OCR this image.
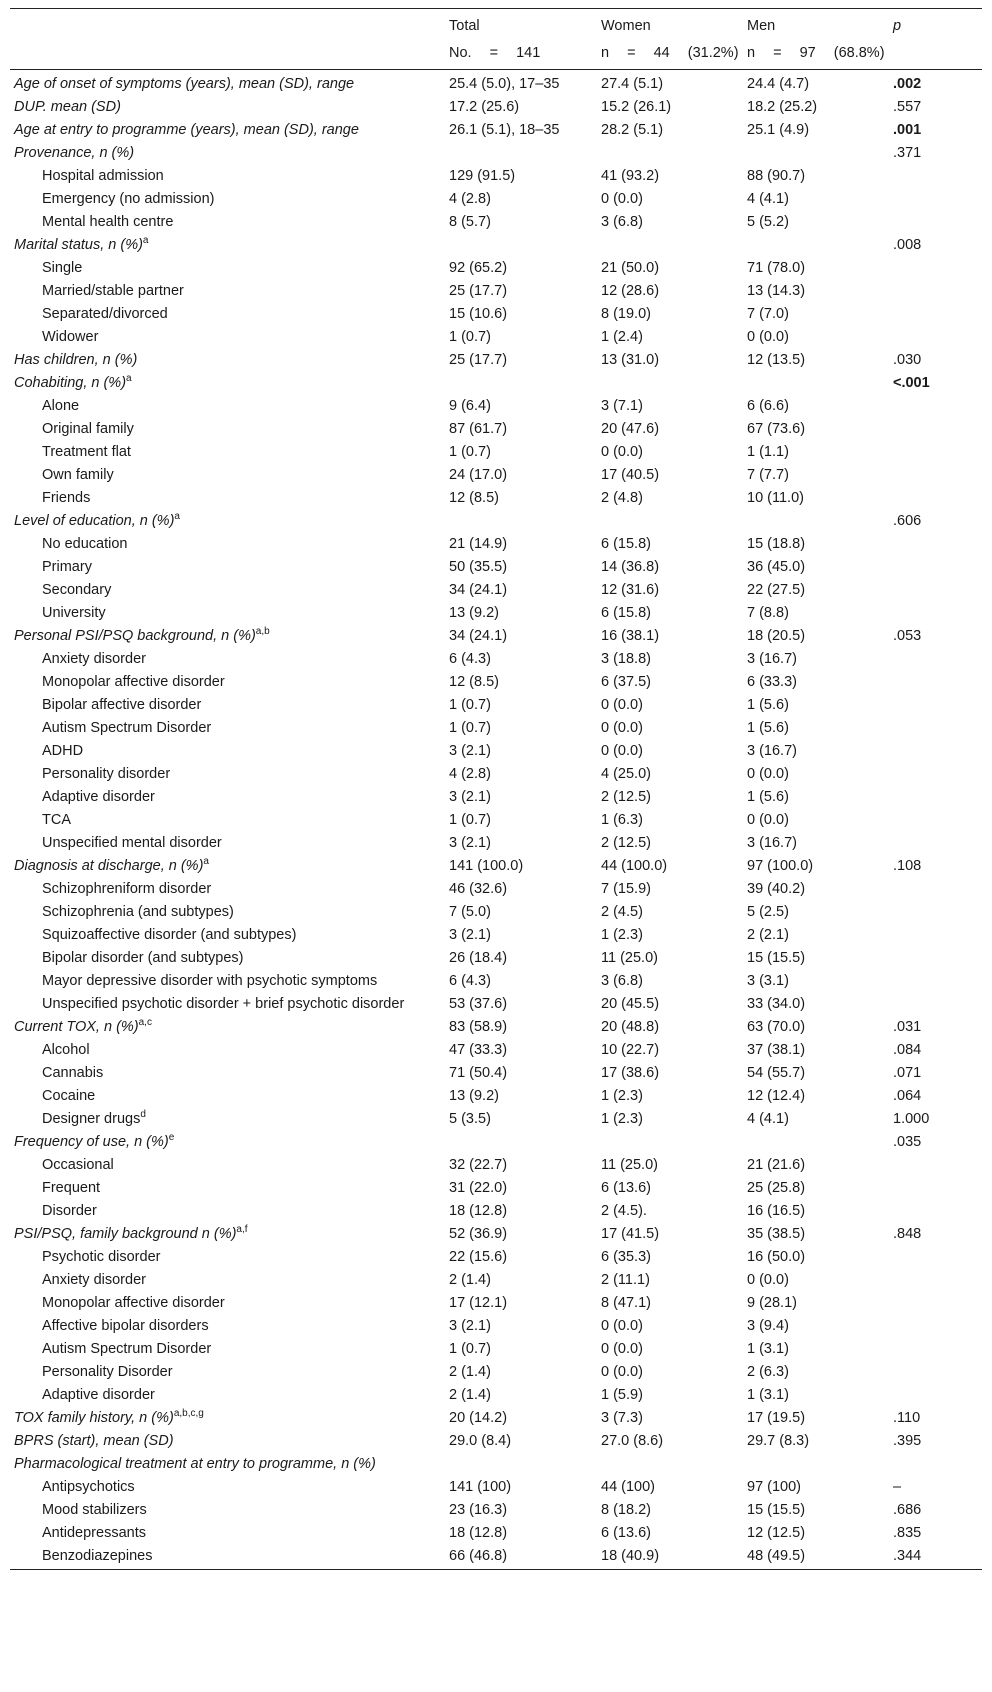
	Total	Women	Men	p
	No. = 141	n = 44 (31.2%)	n = 97 (68.8%)	
Age of onset of symptoms (years), mean (SD), range	25.4 (5.0), 17–35	27.4 (5.1)	24.4 (4.7)	.002
DUP. mean (SD)	17.2 (25.6)	15.2 (26.1)	18.2 (25.2)	.557
Age at entry to programme (years), mean (SD), range	26.1 (5.1), 18–35	28.2 (5.1)	25.1 (4.9)	.001
Provenance, n (%)				.371
Hospital admission	129 (91.5)	41 (93.2)	88 (90.7)	
Emergency (no admission)	4 (2.8)	0 (0.0)	4 (4.1)	
Mental health centre	8 (5.7)	3 (6.8)	5 (5.2)	
Marital status, n (%)$^a$				.008
Single	92 (65.2)	21 (50.0)	71 (78.0)	
Married/stable partner	25 (17.7)	12 (28.6)	13 (14.3)	
Separated/divorced	15 (10.6)	8 (19.0)	7 (7.0)	
Widower	1 (0.7)	1 (2.4)	0 (0.0)	
Has children, n (%)	25 (17.7)	13 (31.0)	12 (13.5)	.030
Cohabiting, n (%)$^a$				<.001
Alone	9 (6.4)	3 (7.1)	6 (6.6)	
Original family	87 (61.7)	20 (47.6)	67 (73.6)	
Treatment flat	1 (0.7)	0 (0.0)	1 (1.1)	
Own family	24 (17.0)	17 (40.5)	7 (7.7)	
Friends	12 (8.5)	2 (4.8)	10 (11.0)	
Level of education, n (%)$^a$				.606
No education	21 (14.9)	6 (15.8)	15 (18.8)	
Primary	50 (35.5)	14 (36.8)	36 (45.0)	
Secondary	34 (24.1)	12 (31.6)	22 (27.5)	
University	13 (9.2)	6 (15.8)	7 (8.8)	
Personal PSI/PSQ background, n (%)$^{a,b}$	34 (24.1)	16 (38.1)	18 (20.5)	.053
Anxiety disorder	6 (4.3)	3 (18.8)	3 (16.7)	
Monopolar affective disorder	12 (8.5)	6 (37.5)	6 (33.3)	
Bipolar affective disorder	1 (0.7)	0 (0.0)	1 (5.6)	
Autism Spectrum Disorder	1 (0.7)	0 (0.0)	1 (5.6)	
ADHD	3 (2.1)	0 (0.0)	3 (16.7)	
Personality disorder	4 (2.8)	4 (25.0)	0 (0.0)	
Adaptive disorder	3 (2.1)	2 (12.5)	1 (5.6)	
TCA	1 (0.7)	1 (6.3)	0 (0.0)	
Unspecified mental disorder	3 (2.1)	2 (12.5)	3 (16.7)	
Diagnosis at discharge, n (%)$^a$	141 (100.0)	44 (100.0)	97 (100.0)	.108
Schizophreniform disorder	46 (32.6)	7 (15.9)	39 (40.2)	
Schizophrenia (and subtypes)	7 (5.0)	2 (4.5)	5 (2.5)	
Squizoaffective disorder (and subtypes)	3 (2.1)	1 (2.3)	2 (2.1)	
Bipolar disorder (and subtypes)	26 (18.4)	11 (25.0)	15 (15.5)	
Mayor depressive disorder with psychotic symptoms	6 (4.3)	3 (6.8)	3 (3.1)	
Unspecified psychotic disorder + brief psychotic disorder	53 (37.6)	20 (45.5)	33 (34.0)	
Current TOX, n (%)$^{a,c}$	83 (58.9)	20 (48.8)	63 (70.0)	.031
Alcohol	47 (33.3)	10 (22.7)	37 (38.1)	.084
Cannabis	71 (50.4)	17 (38.6)	54 (55.7)	.071
Cocaine	13 (9.2)	1 (2.3)	12 (12.4)	.064
Designer drugs$^d$	5 (3.5)	1 (2.3)	4 (4.1)	1.000
Frequency of use, n (%)$^e$				.035
Occasional	32 (22.7)	11 (25.0)	21 (21.6)	
Frequent	31 (22.0)	6 (13.6)	25 (25.8)	
Disorder	18 (12.8)	2 (4.5).	16 (16.5)	
PSI/PSQ, family background n (%)$^{a,f}$	52 (36.9)	17 (41.5)	35 (38.5)	.848
Psychotic disorder	22 (15.6)	6 (35.3)	16 (50.0)	
Anxiety disorder	2 (1.4)	2 (11.1)	0 (0.0)	
Monopolar affective disorder	17 (12.1)	8 (47.1)	9 (28.1)	
Affective bipolar disorders	3 (2.1)	0 (0.0)	3 (9.4)	
Autism Spectrum Disorder	1 (0.7)	0 (0.0)	1 (3.1)	
Personality Disorder	2 (1.4)	0 (0.0)	2 (6.3)	
Adaptive disorder	2 (1.4)	1 (5.9)	1 (3.1)	
TOX family history, n (%)$^{a,b,c,g}$	20 (14.2)	3 (7.3)	17 (19.5)	.110
BPRS (start), mean (SD)	29.0 (8.4)	27.0 (8.6)	29.7 (8.3)	.395
Pharmacological treatment at entry to programme, n (%)				
Antipsychotics	141 (100)	44 (100)	97 (100)	–
Mood stabilizers	23 (16.3)	8 (18.2)	15 (15.5)	.686
Antidepressants	18 (12.8)	6 (13.6)	12 (12.5)	.835
Benzodiazepines	66 (46.8)	18 (40.9)	48 (49.5)	.344
